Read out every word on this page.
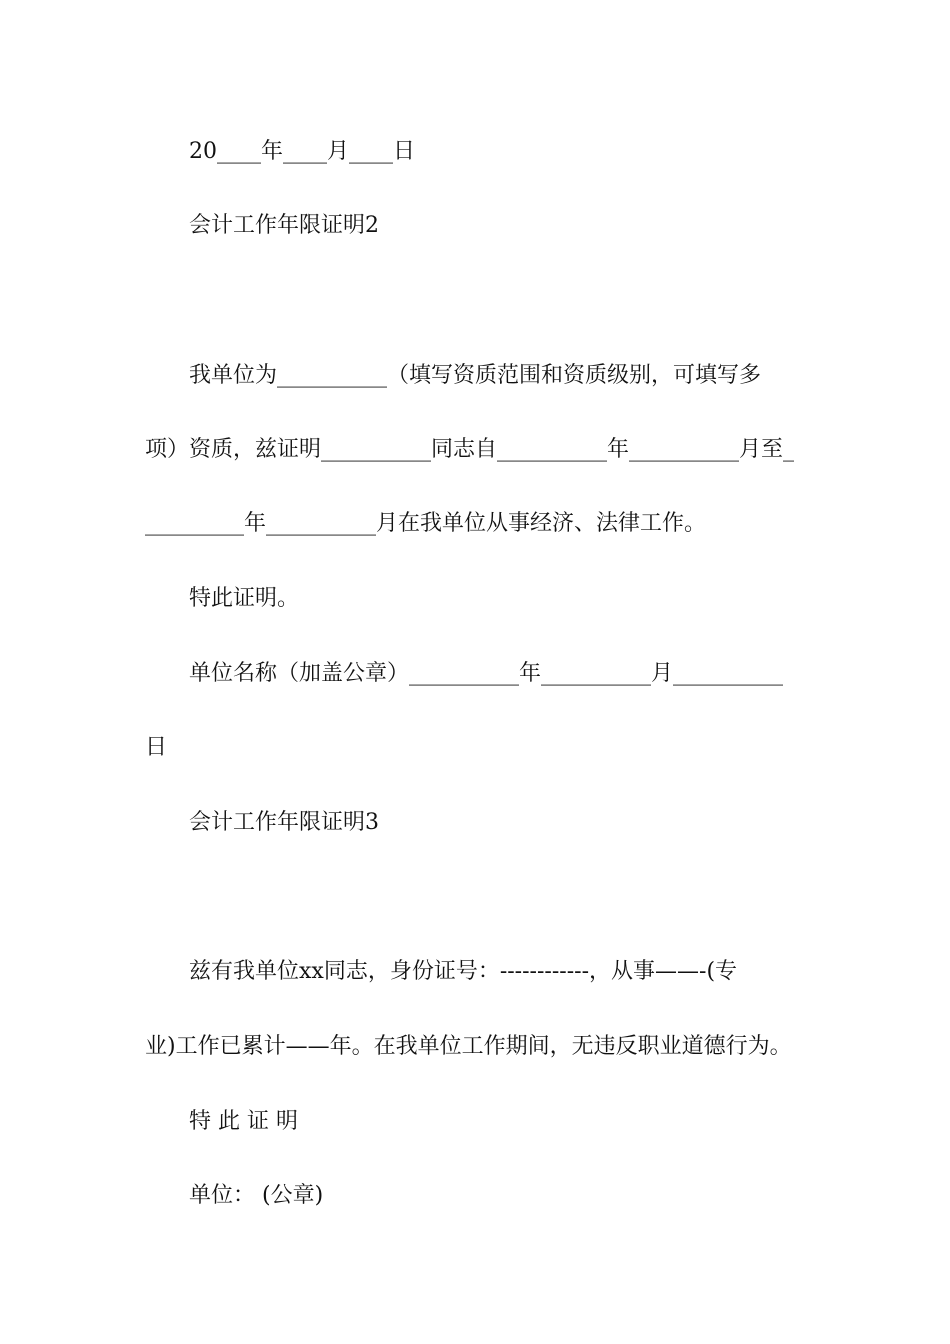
20____年____月____日
会计工作年限证明2
我单位为__________（填写资质范围和资质级别，可填写多
项）资质，兹证明__________同志自__________年__________月至_
_________年__________月在我单位从事经济、法律工作。
特此证明。
单位名称（加盖公章）__________年__________月__________
日
会计工作年限证明3
兹有我单位xx同志，身份证号：------------，从事——-(专
业)工作已累计——年。在我单位工作期间，无违反职业道德行为。
特 此 证 明
单位： (公章)
